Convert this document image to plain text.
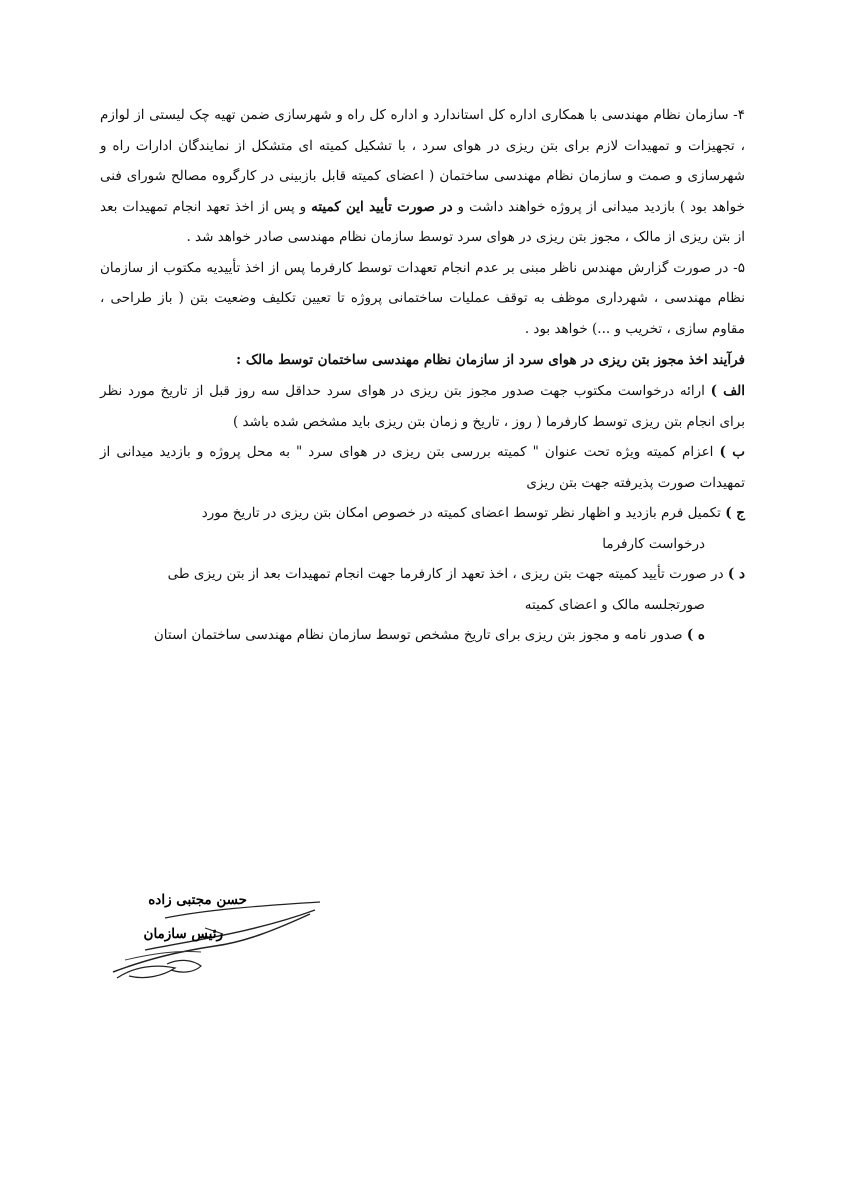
۴- سازمان نظام مهندسی با همکاری اداره کل استاندارد و اداره کل راه و شهرسازی ضمن تهیه چک لیستی از لوازم ، تجهیزات و تمهیدات لازم برای بتن ریزی در هوای سرد ، با تشکیل کمیته ای متشکل از نمایندگان ادارات راه و شهرسازی و صمت و سازمان نظام مهندسی ساختمان ( اعضای کمیته قابل بازبینی در کارگروه مصالح شورای فنی خواهد بود ) بازدید میدانی از پروژه خواهند داشت و در صورت تأیید این کمیته و پس از اخذ تعهد انجام تمهیدات بعد از بتن ریزی از مالک ، مجوز بتن ریزی در هوای سرد توسط سازمان نظام مهندسی صادر خواهد شد .

۵- در صورت گزارش مهندس ناظر مبنی بر عدم انجام تعهدات توسط کارفرما پس از اخذ تأییدیه مکتوب از سازمان نظام مهندسی ، شهرداری موظف به توقف عملیات ساختمانی پروژه تا تعیین تکلیف وضعیت بتن ( باز طراحی ، مقاوم سازی ، تخریب و ...) خواهد بود .

فرآیند اخذ مجوز بتن ریزی در هوای سرد از سازمان نظام مهندسی ساختمان توسط مالک :

الف ) ارائه درخواست مکتوب جهت صدور مجوز بتن ریزی در هوای سرد حداقل سه روز قبل از تاریخ مورد نظر برای انجام بتن ریزی توسط کارفرما ( روز ، تاریخ و زمان بتن ریزی باید مشخص شده باشد )

ب ) اعزام کمیته ویژه تحت عنوان " کمیته بررسی بتن ریزی در هوای سرد " به محل پروژه و بازدید میدانی از تمهیدات صورت پذیرفته جهت بتن ریزی

ج ) تکمیل فرم بازدید و اظهار نظر توسط اعضای کمیته در خصوص امکان بتن ریزی در تاریخ مورد
درخواست کارفرما

د ) در صورت تأیید کمیته جهت بتن ریزی ، اخذ تعهد از کارفرما جهت انجام تمهیدات بعد از بتن ریزی طی
صورتجلسه مالک و اعضای کمیته

ه ) صدور نامه و مجوز بتن ریزی برای تاریخ مشخص توسط سازمان نظام مهندسی ساختمان استان

حسن مجتبی زاده
رئیس سازمان
